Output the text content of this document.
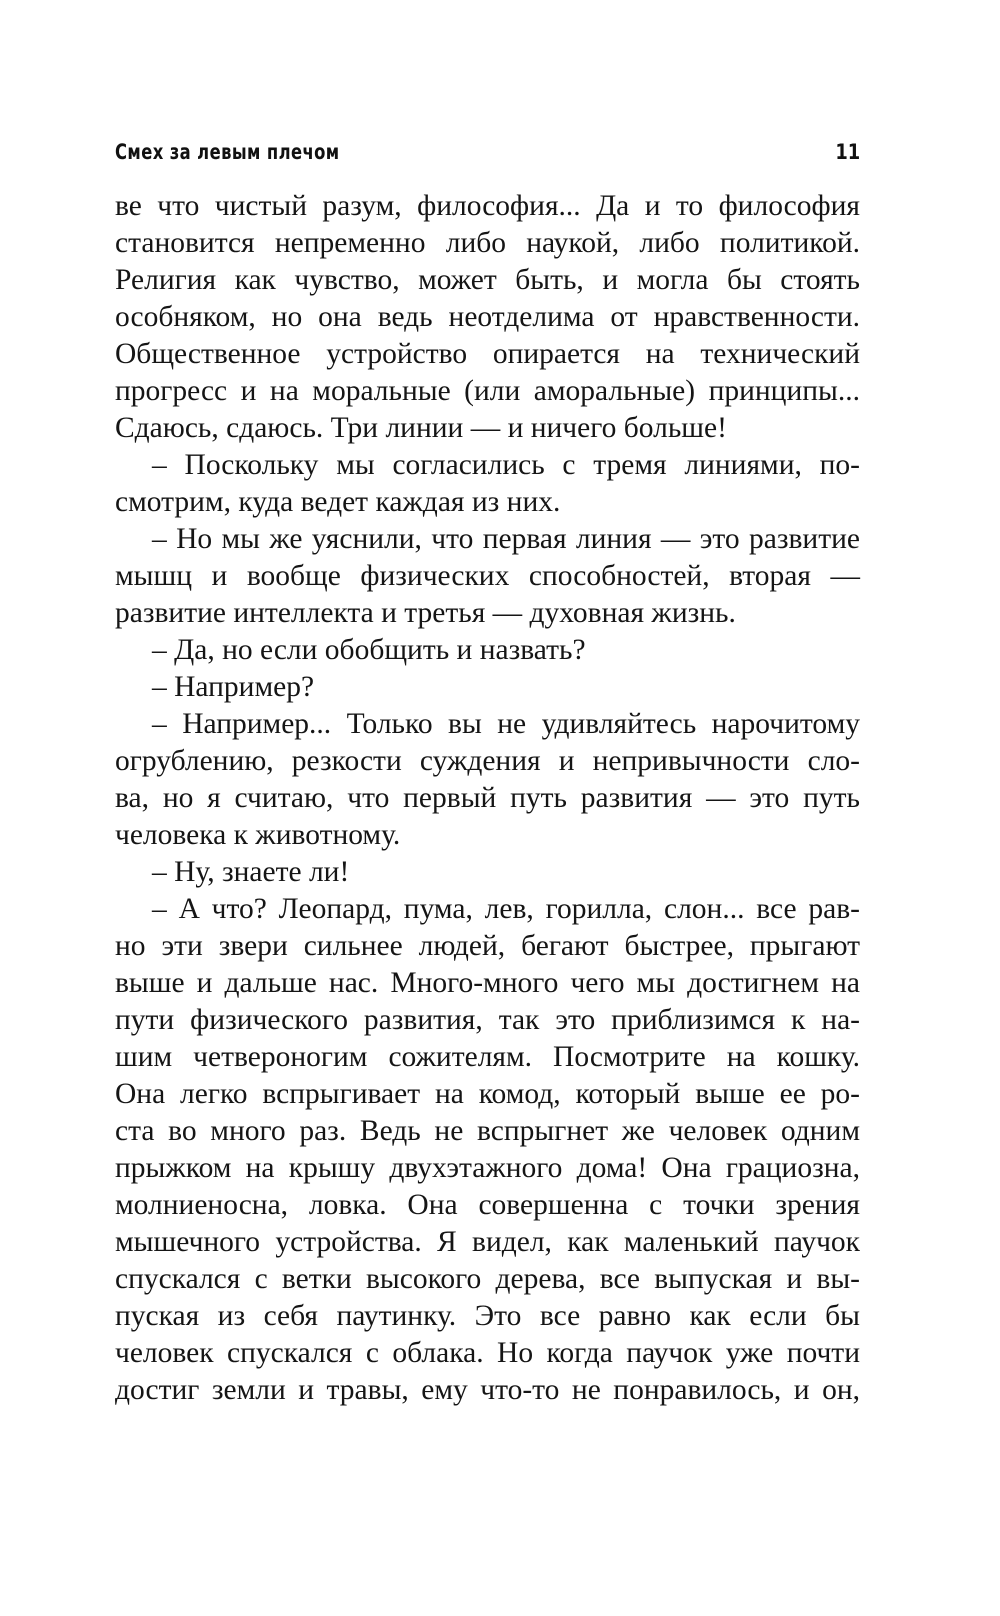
Смех за левым плечом	11
ве что чистый разум, философия... Да и то философия
становится непременно либо наукой, либо политикой.
Религия как чувство, может быть, и могла бы стоять
особняком, но она ведь неотделима от нравственности.
Общественное устройство опирается на технический
прогресс и на моральные (или аморальные) принципы...
Сдаюсь, сдаюсь. Три линии — и ничего больше!
– Поскольку мы согласились с тремя линиями, по-
смотрим, куда ведет каждая из них.
– Но мы же уяснили, что первая линия — это развитие
мышц и вообще физических способностей, вторая —
развитие интеллекта и третья — духовная жизнь.
– Да, но если обобщить и назвать?
– Например?
– Например... Только вы не удивляйтесь нарочитому
огрублению, резкости суждения и непривычности сло-
ва, но я считаю, что первый путь развития — это путь
человека к животному.
– Ну, знаете ли!
– А что? Леопард, пума, лев, горилла, слон... все рав-
но эти звери сильнее людей, бегают быстрее, прыгают
выше и дальше нас. Много-много чего мы достигнем на
пути физического развития, так это приблизимся к на-
шим четвероногим сожителям. Посмотрите на кошку.
Она легко вспрыгивает на комод, который выше ее ро-
ста во много раз. Ведь не вспрыгнет же человек одним
прыжком на крышу двухэтажного дома! Она грациозна,
молниеносна, ловка. Она совершенна с точки зрения
мышечного устройства. Я видел, как маленький паучок
спускался с ветки высокого дерева, все выпуская и вы-
пуская из себя паутинку. Это все равно как если бы
человек спускался с облака. Но когда паучок уже почти
достиг земли и травы, ему что-то не понравилось, и он,
